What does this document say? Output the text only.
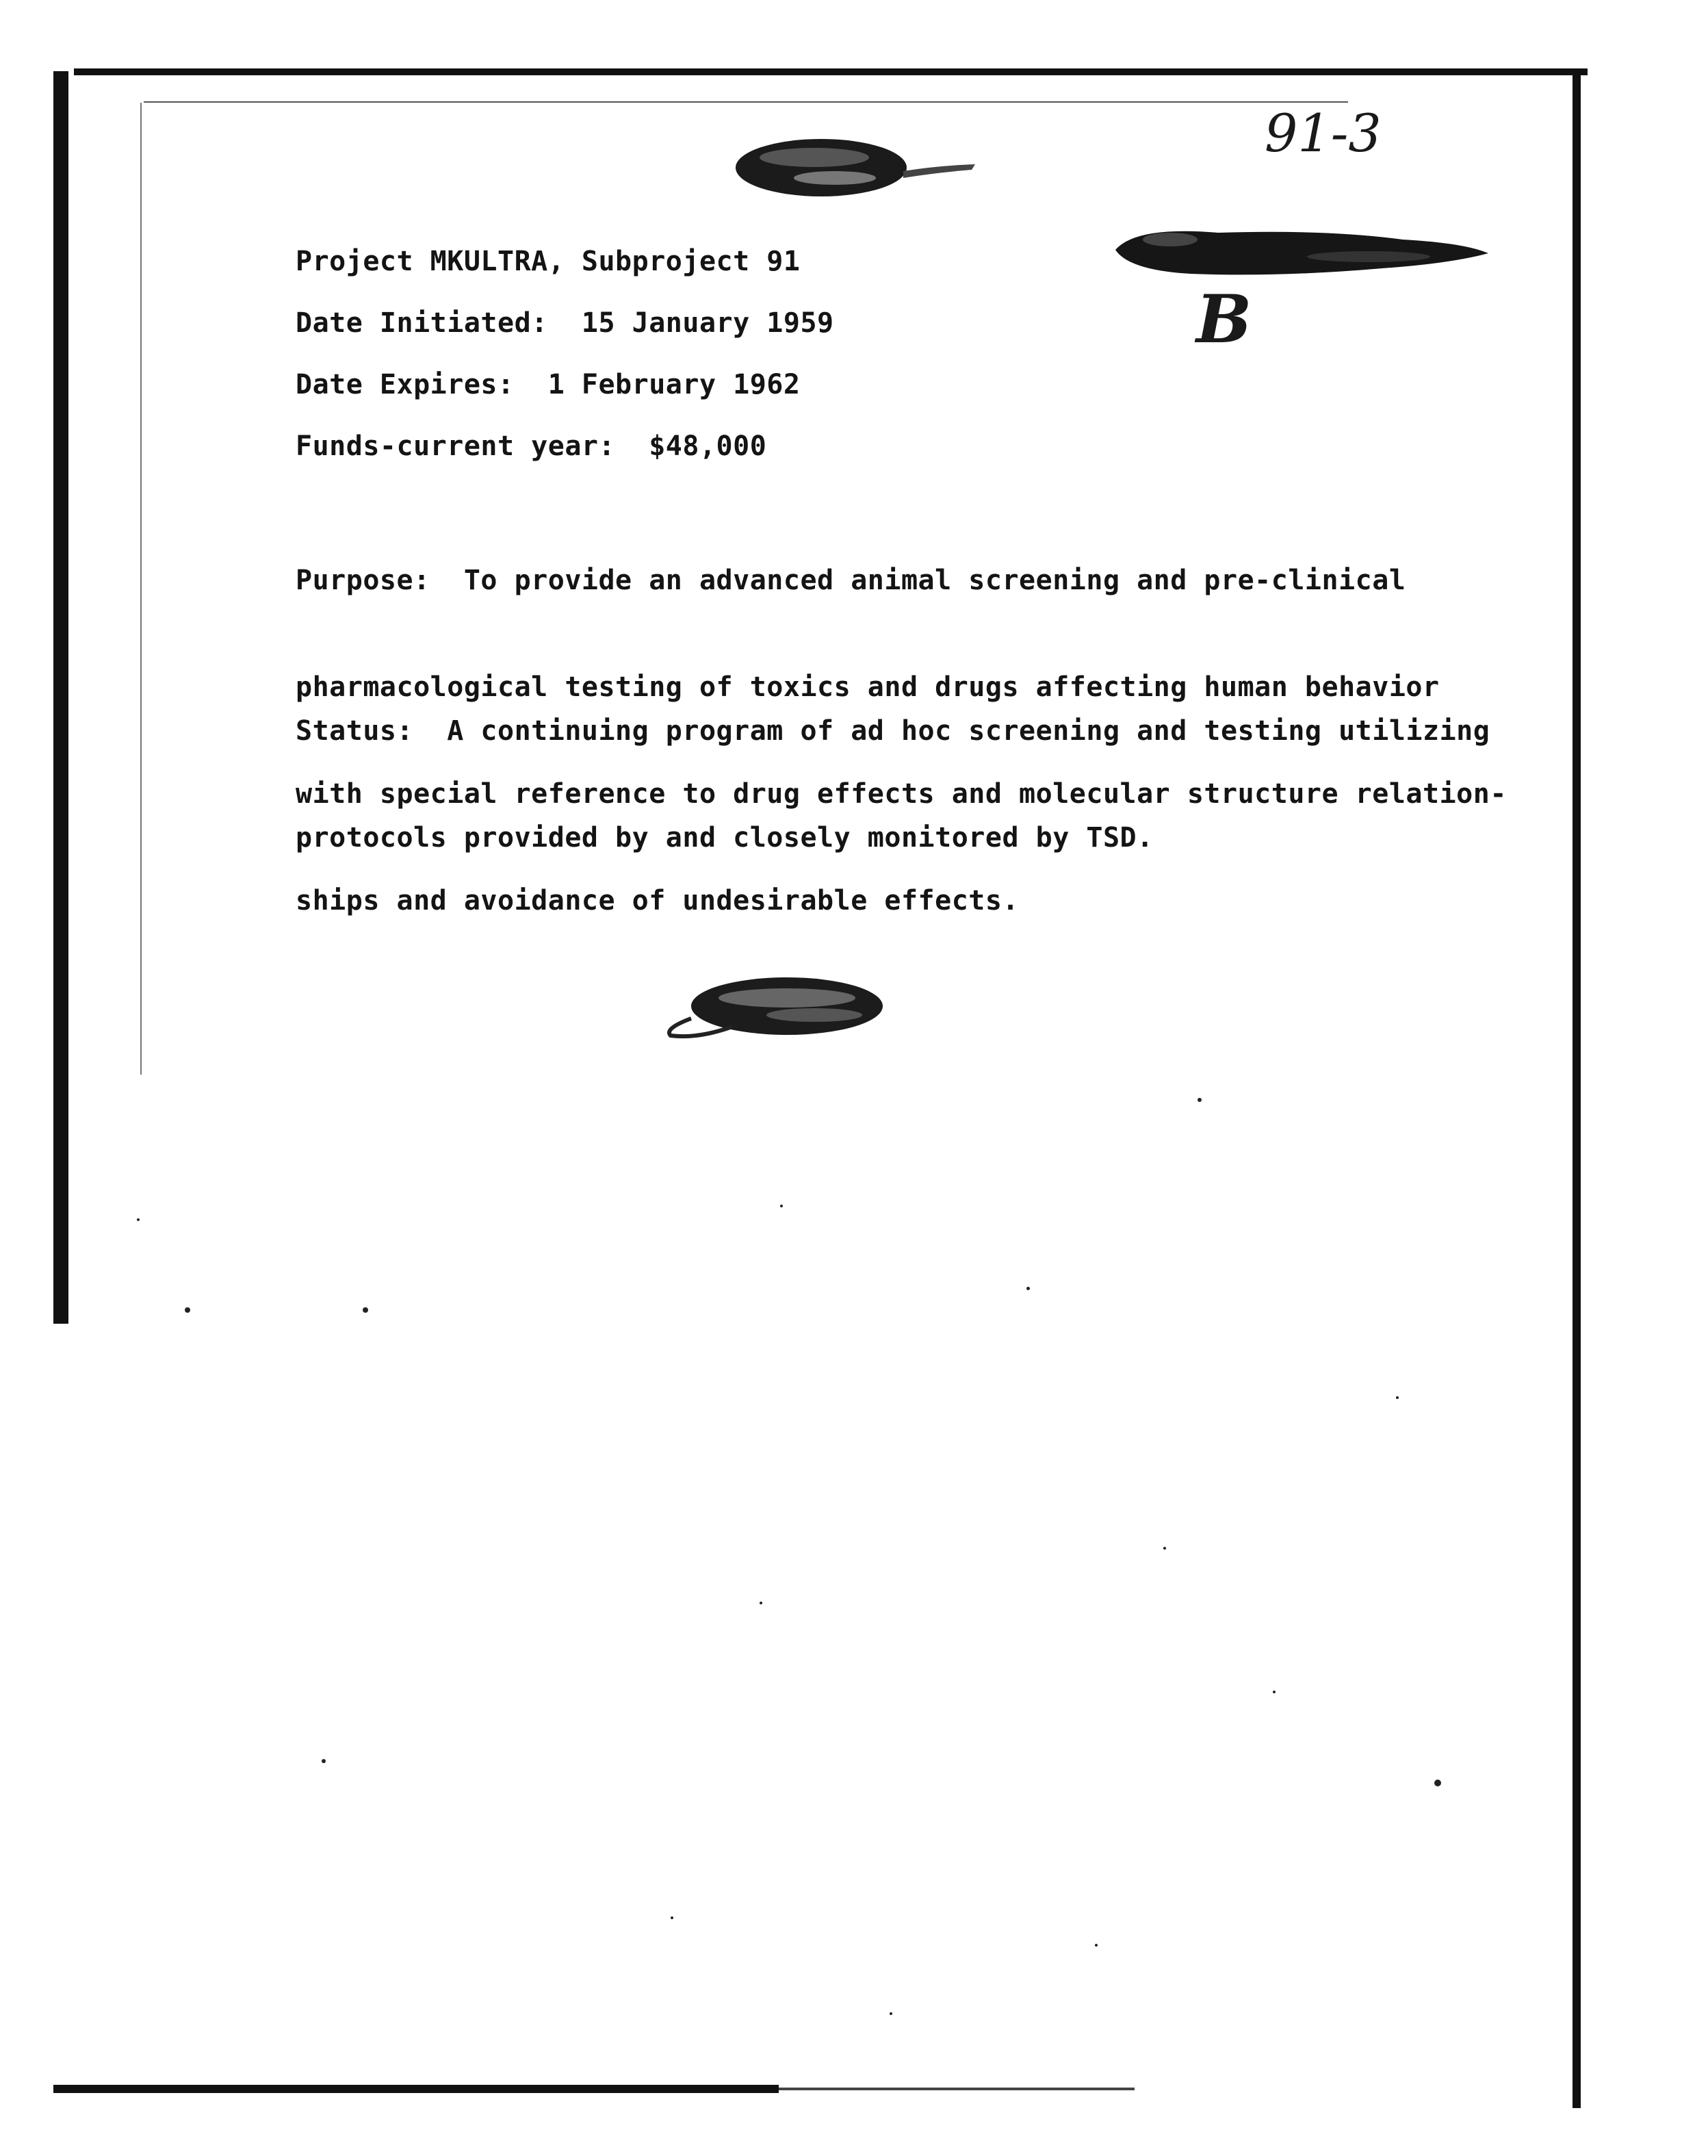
91-3
B
Project MKULTRA, Subproject 91
Date Initiated:  15 January 1959
Date Expires:  1 February 1962
Funds-current year:  $48,000

Purpose:  To provide an advanced animal screening and pre-clinical

pharmacological testing of toxics and drugs affecting human behavior

with special reference to drug effects and molecular structure relation-

ships and avoidance of undesirable effects.

Status:  A continuing program of ad hoc screening and testing utilizing

protocols provided by and closely monitored by TSD.
